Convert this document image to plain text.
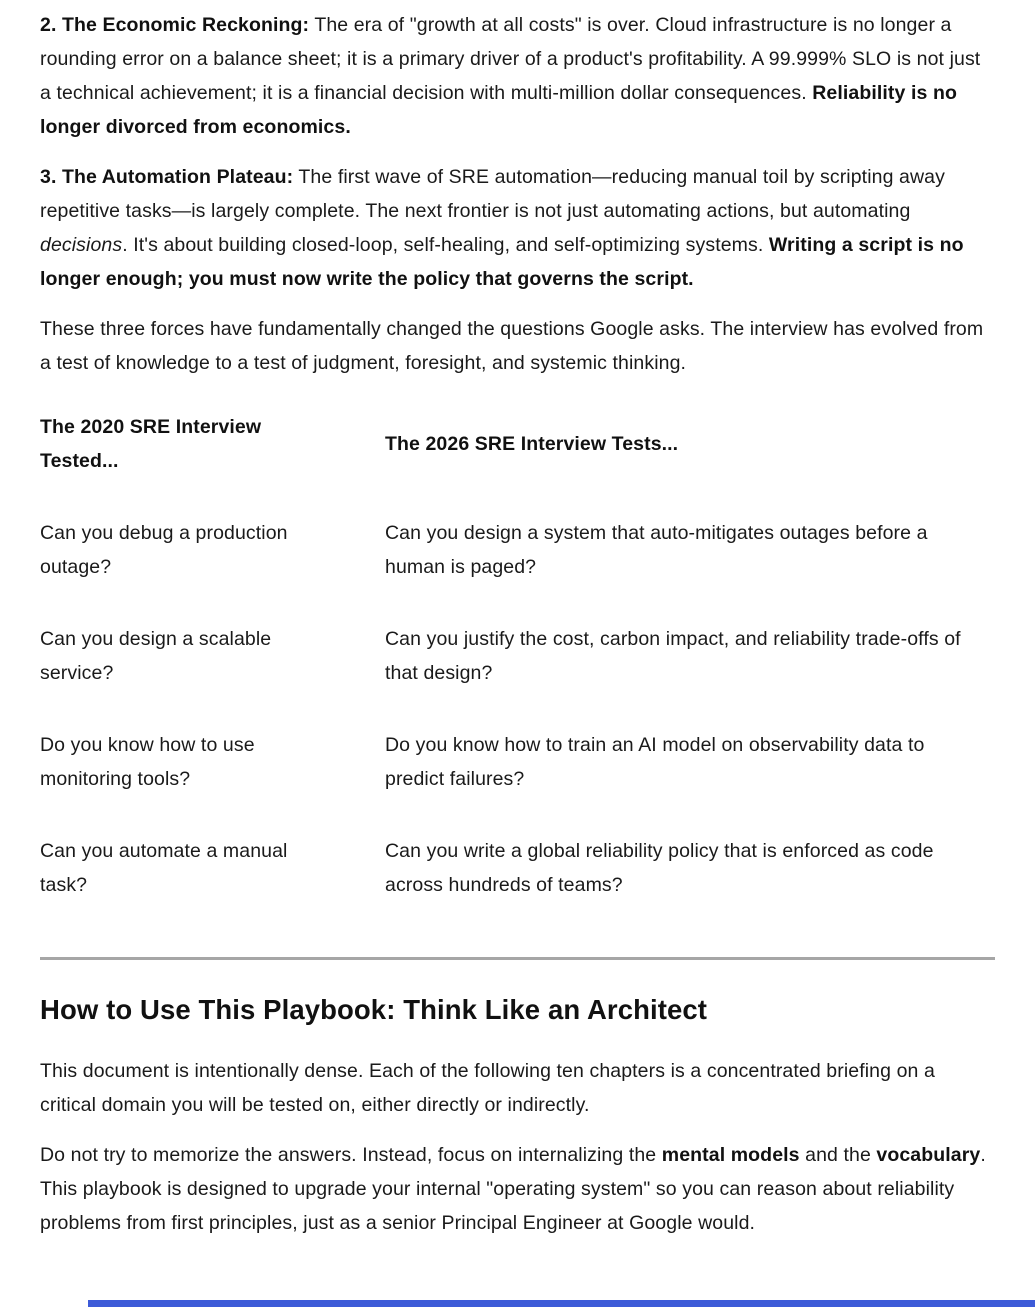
2. The Economic Reckoning: The era of "growth at all costs" is over. Cloud infrastructure is no longer a rounding error on a balance sheet; it is a primary driver of a product's profitability. A 99.999% SLO is not just a technical achievement; it is a financial decision with multi-million dollar consequences. Reliability is no longer divorced from economics.

3. The Automation Plateau: The first wave of SRE automation—reducing manual toil by scripting away repetitive tasks—is largely complete. The next frontier is not just automating actions, but automating decisions. It's about building closed-loop, self-healing, and self-optimizing systems. Writing a script is no longer enough; you must now write the policy that governs the script.

These three forces have fundamentally changed the questions Google asks. The interview has evolved from a test of knowledge to a test of judgment, foresight, and systemic thinking.

The 2020 SRE Interview Tested...	The 2026 SRE Interview Tests...
Can you debug a production outage?	Can you design a system that auto-mitigates outages before a human is paged?
Can you design a scalable service?	Can you justify the cost, carbon impact, and reliability trade-offs of that design?
Do you know how to use monitoring tools?	Do you know how to train an AI model on observability data to predict failures?
Can you automate a manual task?	Can you write a global reliability policy that is enforced as code across hundreds of teams?
How to Use This Playbook: Think Like an Architect

This document is intentionally dense. Each of the following ten chapters is a concentrated briefing on a critical domain you will be tested on, either directly or indirectly.

Do not try to memorize the answers. Instead, focus on internalizing the mental models and the vocabulary. This playbook is designed to upgrade your internal "operating system" so you can reason about reliability problems from first principles, just as a senior Principal Engineer at Google would.
